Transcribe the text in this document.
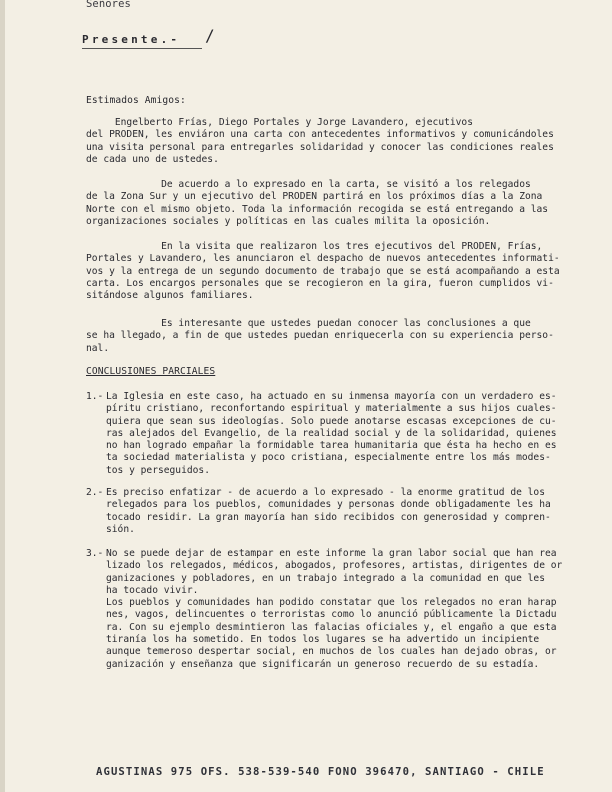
Señores
Presente.- /
Estimados Amigos:
Engelberto Frías, Diego Portales y Jorge Lavandero, ejecutivos
del PRODEN, les enviáron una carta con antecedentes informativos y comunicándoles
una visita personal para entregarles solidaridad y conocer las condiciones reales
de cada uno de ustedes.
De acuerdo a lo expresado en la carta, se visitó a los relegados
de la Zona Sur y un ejecutivo del PRODEN partirá en los próximos días a la Zona
Norte con el mismo objeto. Toda la información recogida se está entregando a las
organizaciones sociales y políticas en las cuales milita la oposición.
En la visita que realizaron los tres ejecutivos del PRODEN, Frías,
Portales y Lavandero, les anunciaron el despacho de nuevos antecedentes informati-
vos y la entrega de un segundo documento de trabajo que se está acompañando a esta
carta. Los encargos personales que se recogieron en la gira, fueron cumplidos vi-
sitándose algunos familiares.
Es interesante que ustedes puedan conocer las conclusiones a que
se ha llegado, a fin de que ustedes puedan enriquecerla con su experiencia perso-
nal.
CONCLUSIONES PARCIALES
1.- La Iglesia en este caso, ha actuado en su inmensa mayoría con un verdadero es-
píritu cristiano, reconfortando espiritual y materialmente a sus hijos cuales-
quiera que sean sus ideologías. Solo puede anotarse escasas excepciones de cu-
ras alejados del Evangelio, de la realidad social y de la solidaridad, quienes
no han logrado empañar la formidable tarea humanitaria que ésta ha hecho en es
ta sociedad materialista y poco cristiana, especialmente entre los más modes-
tos y perseguidos.
2.- Es preciso enfatizar - de acuerdo a lo expresado - la enorme gratitud de los
relegados para los pueblos, comunidades y personas donde obligadamente les ha
tocado residir. La gran mayoría han sido recibidos con generosidad y compren-
sión.
3.- No se puede dejar de estampar en este informe la gran labor social que han rea
lizado los relegados, médicos, abogados, profesores, artistas, dirigentes de or
ganizaciones y pobladores, en un trabajo integrado a la comunidad en que les
ha tocado vivir.
Los pueblos y comunidades han podido constatar que los relegados no eran harap
nes, vagos, delincuentes o terroristas como lo anunció públicamente la Dictadu
ra. Con su ejemplo desmintieron las falacias oficiales y, el engaño a que esta
tiranía los ha sometido. En todos los lugares se ha advertido un incipiente
aunque temeroso despertar social, en muchos de los cuales han dejado obras, or
ganización y enseñanza que significarán un generoso recuerdo de su estadía.
AGUSTINAS 975 OFS. 538-539-540 FONO 396470, SANTIAGO - CHILE
